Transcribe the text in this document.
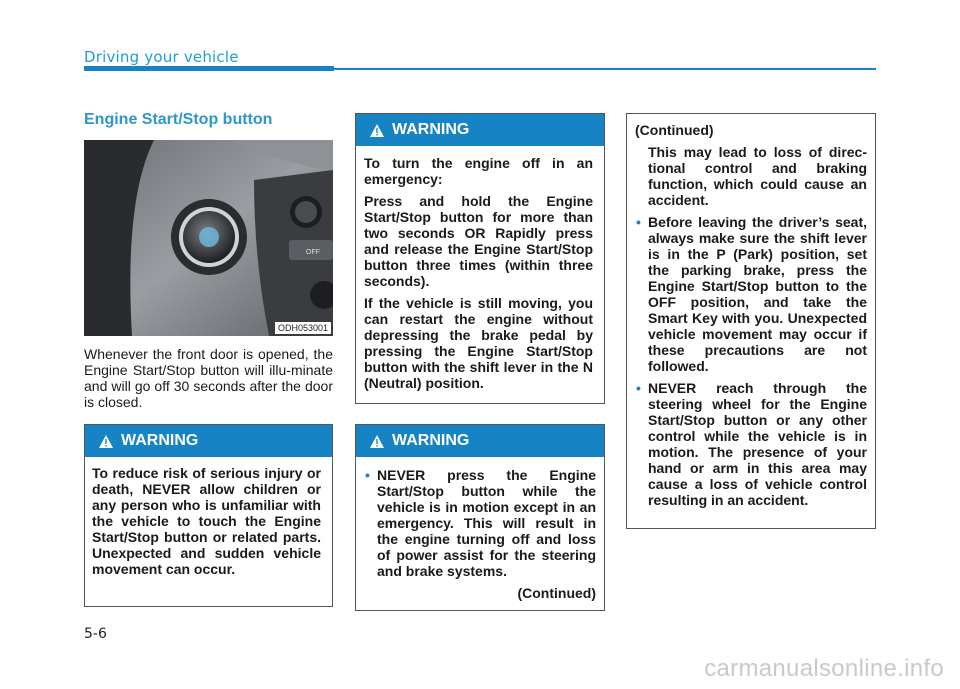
Driving your vehicle
Engine Start/Stop button
OFF
ODH053001
Whenever the front door is opened, the Engine Start/Stop button will illu-minate and will go off 30 seconds after the door is closed.
WARNING

To reduce risk of serious injury or death, NEVER allow children or any person who is unfamiliar with the vehicle to touch the Engine Start/Stop button or related parts. Unexpected and sudden vehicle movement can occur.

WARNING

To turn the engine off in an emergency:

Press and hold the Engine Start/Stop button for more than two seconds OR Rapidly press and release the Engine Start/Stop button three times (within three seconds).

If the vehicle is still moving, you can restart the engine without depressing the brake pedal by pressing the Engine Start/Stop button with the shift lever in the N (Neutral) position.

WARNING
• NEVER press the Engine Start/Stop button while the vehicle is in motion except in an emergency. This will result in the engine turning off and loss of power assist for the steering and brake systems.

(Continued)

(Continued)

This may lead to loss of direc-tional control and braking function, which could cause an accident.

• Before leaving the driver’s seat, always make sure the shift lever is in the P (Park) position, set the parking brake, press the Engine Start/Stop button to the OFF position, and take the Smart Key with you. Unexpected vehicle movement may occur if these precautions are not followed.
• NEVER reach through the steering wheel for the Engine Start/Stop button or any other control while the vehicle is in motion. The presence of your hand or arm in this area may cause a loss of vehicle control resulting in an accident.
5-6
carmanualsonline.info
